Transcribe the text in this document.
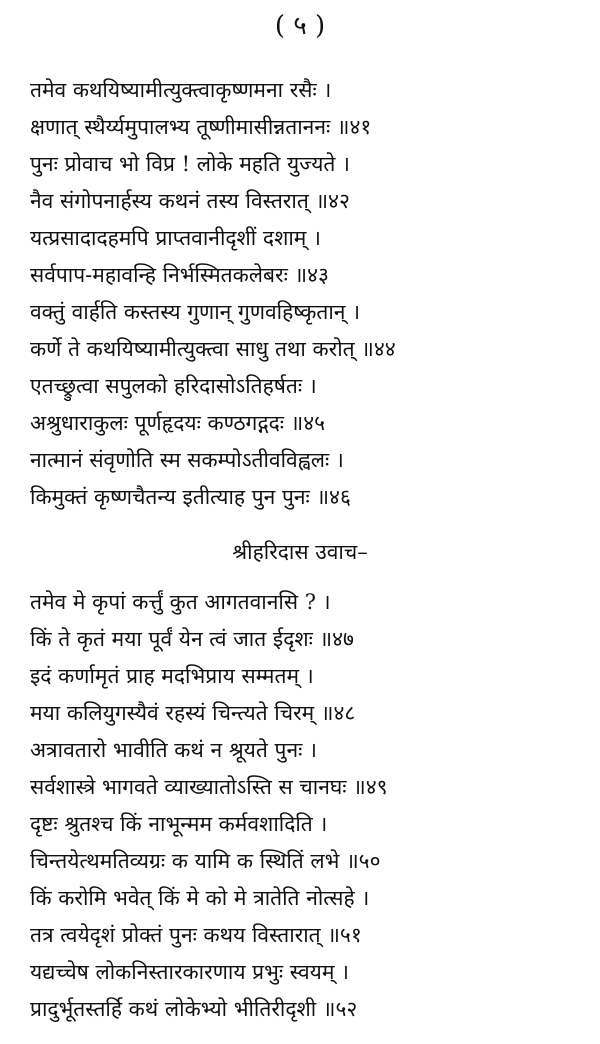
( ५ )
तमेव कथयिष्यामीत्युक्त्वाकृष्णमना रसैः ।
क्षणात् स्थैर्य्यमुपालभ्य तूष्णीमासीन्नताननः ॥४१
पुनः प्रोवाच भो विप्र ! लोके महति युज्यते ।
नैव संगोपनार्हस्य कथनं तस्य विस्तरात् ॥४२
यत्प्रसादादहमपि प्राप्तवानीदृशीं दशाम् ।
सर्वपाप-महावन्हि निर्भस्मितकलेबरः ॥४३
वक्तुं वार्हति कस्तस्य गुणान् गुणवहिष्कृतान् ।
कर्णे ते कथयिष्यामीत्युक्त्वा साधु तथा करोत् ॥४४
एतच्छ्रुत्वा सपुलको हरिदासोऽतिहर्षतः ।
अश्रुधाराकुलः पूर्णहृदयः कण्ठगद्गदः ॥४५
नात्मानं संवृणोति स्म सकम्पोऽतीवविह्वलः ।
किमुक्तं कृष्णचैतन्य इतीत्याह पुन पुनः ॥४६
श्रीहरिदास उवाच–
तमेव मे कृपां कर्त्तुं कुत आगतवानसि ? ।
किं ते कृतं मया पूर्वं येन त्वं जात ईदृशः ॥४७
इदं कर्णामृतं प्राह मदभिप्राय सम्मतम् ।
मया कलियुगस्यैवं रहस्यं चिन्त्यते चिरम् ॥४८
अत्रावतारो भावीति कथं न श्रूयते पुनः ।
सर्वशास्त्रे भागवते व्याख्यातोऽस्ति स चानघः ॥४९
दृष्टः श्रुतश्च किं नाभून्मम कर्मवशादिति ।
चिन्तयेत्थमतिव्यग्रः क यामि क स्थितिं लभे ॥५०
किं करोमि भवेत् किं मे को मे त्रातेति नोत्सहे ।
तत्र त्वयेदृशं प्रोक्तं पुनः कथय विस्तारात् ॥५१
यद्यच्चेष लोकनिस्तारकारणाय प्रभुः स्वयम् ।
प्रादुर्भूतस्तर्हि कथं लोकेभ्यो भीतिरीदृशी ॥५२
